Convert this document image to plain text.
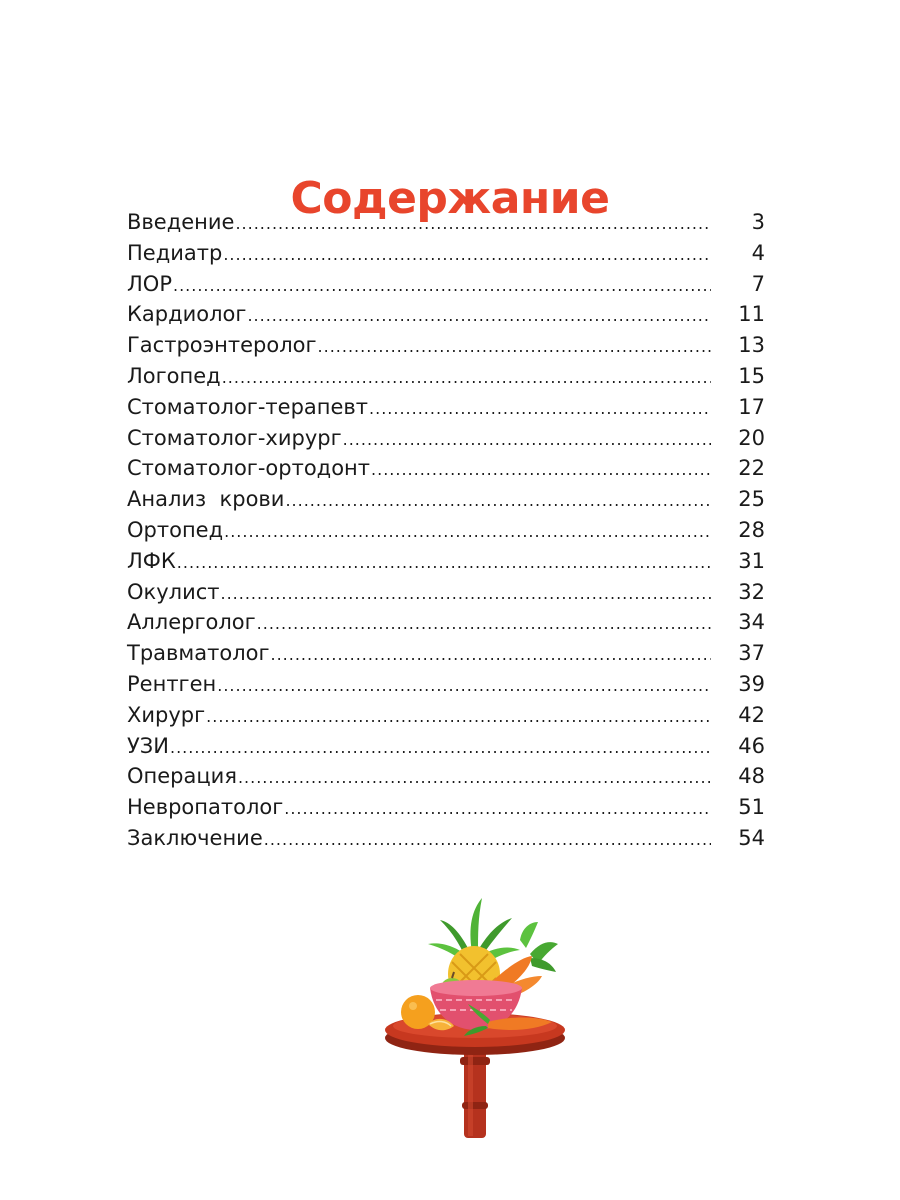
Содержание
Введение .....	3
Педиатр .....	4
ЛОР .....	7
Кардиолог .....	11
Гастроэнтеролог .....	13
Логопед .....	15
Стоматолог-терапевт .....	17
Стоматолог-хирург .....	20
Стоматолог-ортодонт .....	22
Анализ  крови .....	25
Ортопед .....	28
ЛФК .....	31
Окулист .....	32
Аллерголог .....	34
Травматолог .....	37
Рентген .....	39
Хирург .....	42
УЗИ .....	46
Операция .....	48
Невропатолог .....	51
Заключение .....	54
